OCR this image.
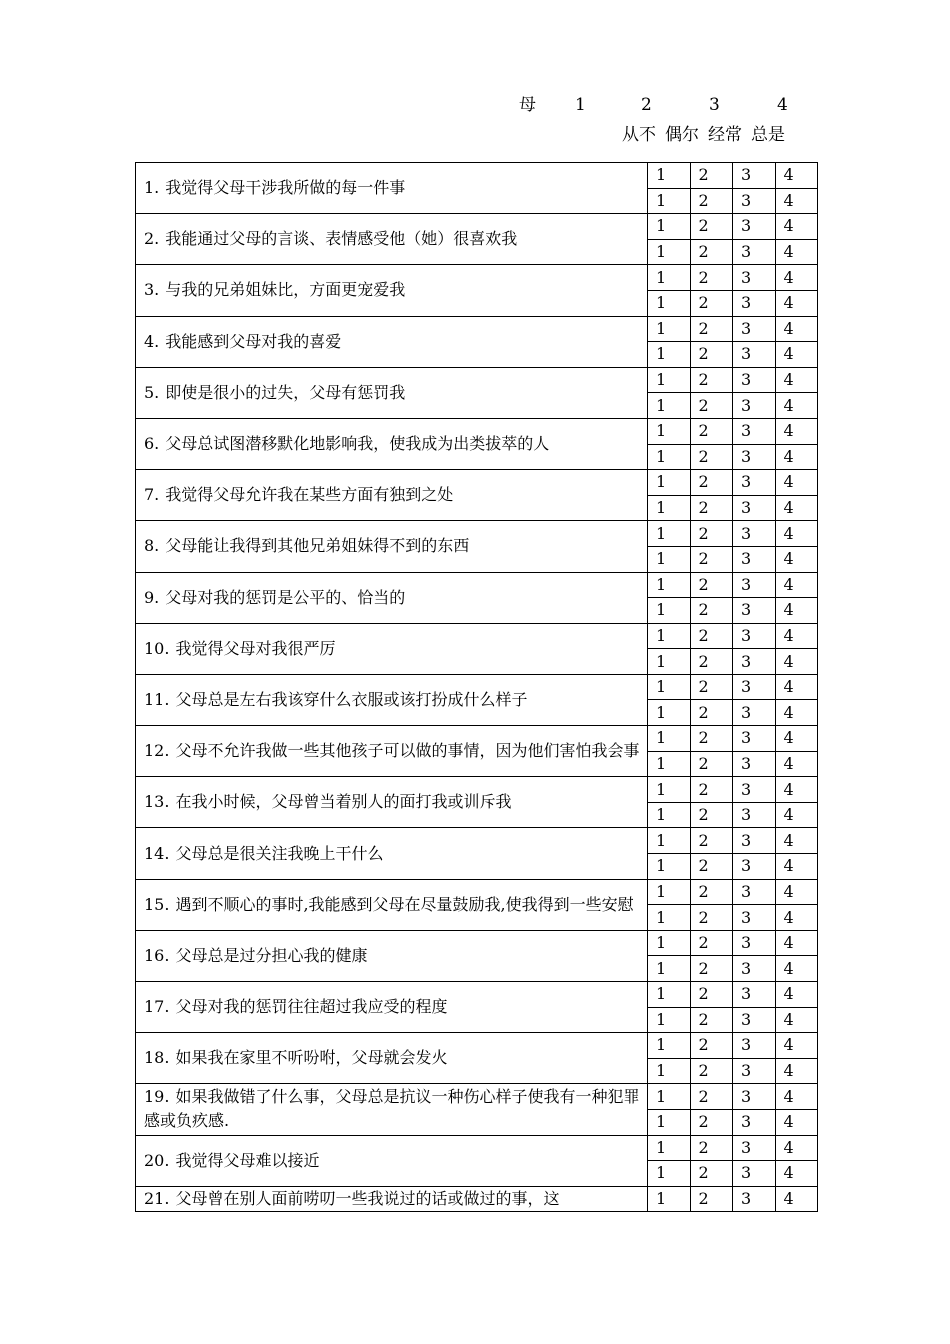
母 1	2	3	4
从不 偶尔 经常 总是
1. 我觉得父母干涉我所做的每一件事	1	2	3	4
	1	2	3	4
2. 我能通过父母的言谈、表情感受他（她）很喜欢我	1	2	3	4
	1	2	3	4
3. 与我的兄弟姐妹比，方面更宠爱我	1	2	3	4
	1	2	3	4
4. 我能感到父母对我的喜爱	1	2	3	4
	1	2	3	4
5. 即使是很小的过失，父母有惩罚我	1	2	3	4
	1	2	3	4
6. 父母总试图潜移默化地影响我，使我成为出类拔萃的人	1	2	3	4
	1	2	3	4
7. 我觉得父母允许我在某些方面有独到之处	1	2	3	4
	1	2	3	4
8. 父母能让我得到其他兄弟姐妹得不到的东西	1	2	3	4
	1	2	3	4
9. 父母对我的惩罚是公平的、恰当的	1	2	3	4
	1	2	3	4
10. 我觉得父母对我很严厉	1	2	3	4
	1	2	3	4
11. 父母总是左右我该穿什么衣服或该打扮成什么样子	1	2	3	4
	1	2	3	4
12. 父母不允许我做一些其他孩子可以做的事情，因为他们害怕我会事	1	2	3	4
	1	2	3	4
13. 在我小时候，父母曾当着别人的面打我或训斥我	1	2	3	4
	1	2	3	4
14. 父母总是很关注我晚上干什么	1	2	3	4
	1	2	3	4
15. 遇到不顺心的事时,我能感到父母在尽量鼓励我,使我得到一些安慰	1	2	3	4
	1	2	3	4
16. 父母总是过分担心我的健康	1	2	3	4
	1	2	3	4
17. 父母对我的惩罚往往超过我应受的程度	1	2	3	4
	1	2	3	4
18. 如果我在家里不听吩咐，父母就会发火	1	2	3	4
	1	2	3	4
19. 如果我做错了什么事，父母总是抗议一种伤心样子使我有一种犯罪感或负疚感.	1	2	3	4
	1	2	3	4
20. 我觉得父母难以接近	1	2	3	4
	1	2	3	4
21. 父母曾在别人面前唠叨一些我说过的话或做过的事，这	1	2	3	4
